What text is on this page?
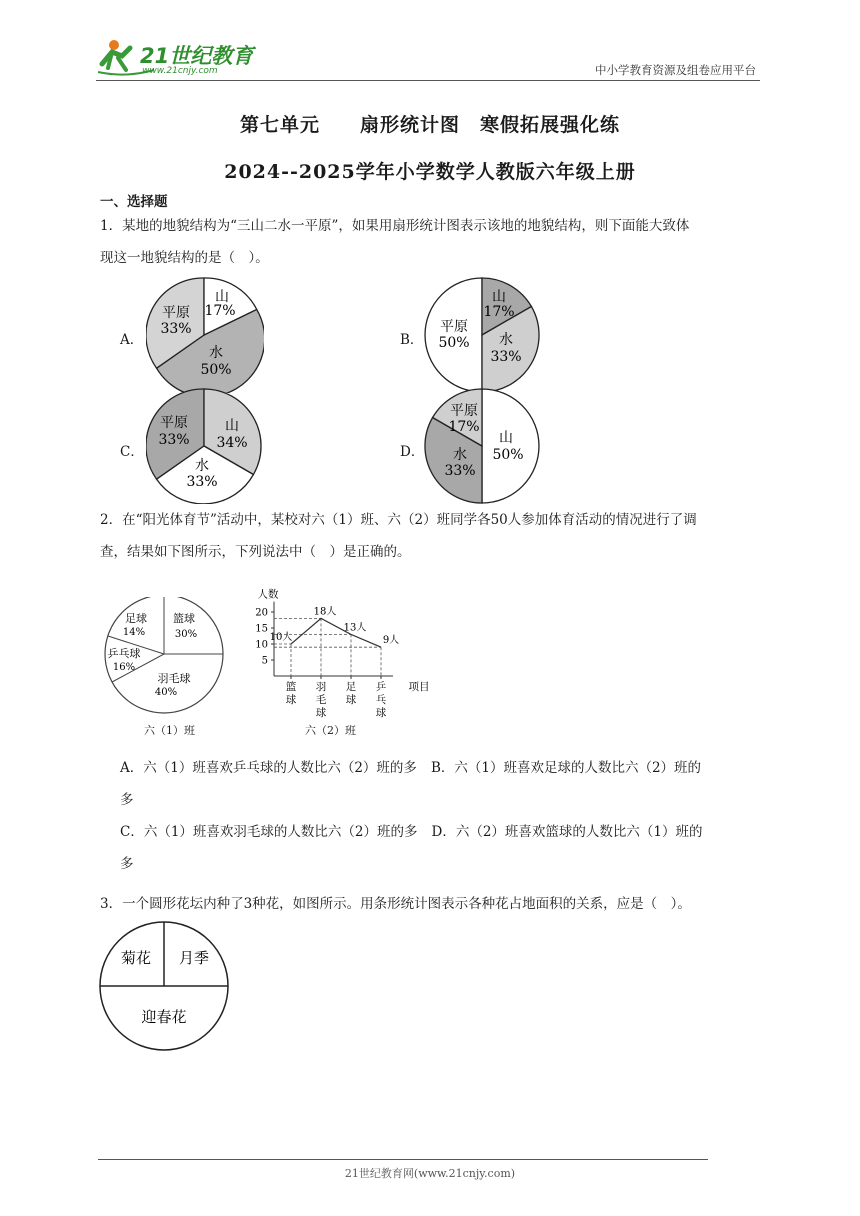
21世纪教育
www.21cnjy.com	中小学教育资源及组卷应用平台
第七单元　　扇形统计图　寒假拓展强化练
2024--2025学年小学数学人教版六年级上册
一、选择题
1．某地的地貌结构为“三山二水一平原”，如果用扇形统计图表示该地的地貌结构，则下面能大致体
现这一地貌结构的是（　）。
A．	B．
C．	D．
山
17%
水
50%
平原
33%
山
17%
水
33%
平原
50%
山
34%
水
33%
平原
33%	山
50%
水
33%
平原
17%
2．在“阳光体育节”活动中，某校对六（1）班、六（2）班同学各50人参加体育活动的情况进行了调
查，结果如下图所示，下列说法中（　）是正确的。
篮球
30%
羽毛球
40%
乒乓球
16%
足球
14%
六（1）班
人数
项目
5
10
15
20
10人
篮
球
18人
羽
毛
球
13人
足
球
9人
乒
乓
球
六（2）班
A．六（1）班喜欢乒乓球的人数比六（2）班的多 B．六（1）班喜欢足球的人数比六（2）班的
多
C．六（1）班喜欢羽毛球的人数比六（2）班的多 D．六（2）班喜欢篮球的人数比六（1）班的
多
3．一个圆形花坛内种了3种花，如图所示。用条形统计图表示各种花占地面积的关系，应是（　）。
菊花 月季
迎春花
21世纪教育网(www.21cnjy.com)
